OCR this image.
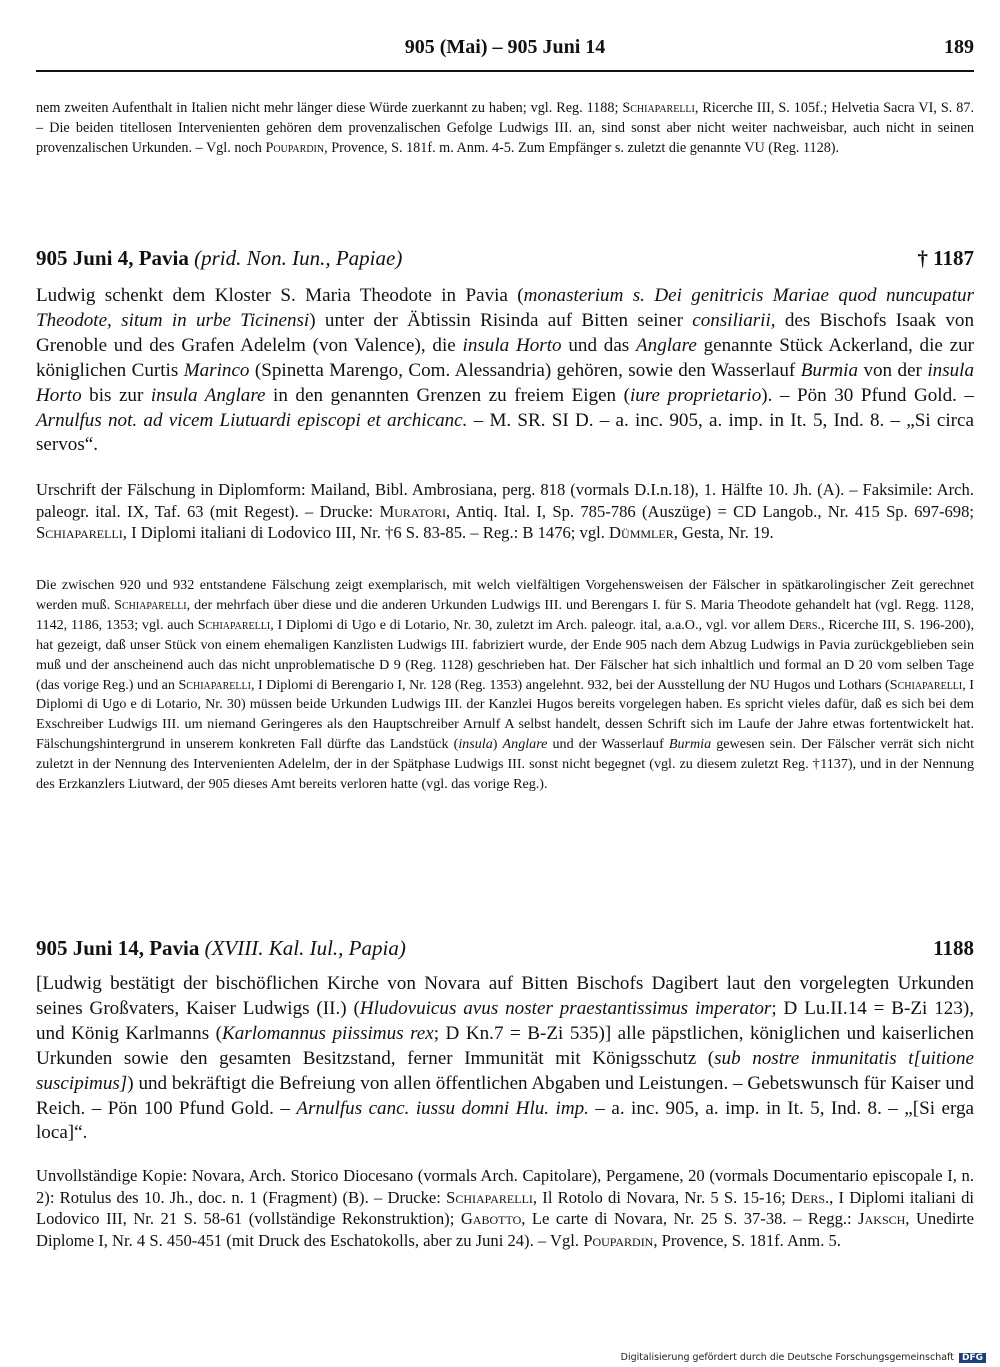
905 (Mai) – 905 Juni 14	189
nem zweiten Aufenthalt in Italien nicht mehr länger diese Würde zuerkannt zu haben; vgl. Reg. 1188; Schiaparelli, Ricerche III, S. 105f.; Helvetia Sacra VI, S. 87. – Die beiden titellosen Intervenienten gehören dem provenzalischen Gefolge Ludwigs III. an, sind sonst aber nicht weiter nachweisbar, auch nicht in seinen provenzalischen Urkunden. – Vgl. noch Poupardin, Provence, S. 181f. m. Anm. 4-5. Zum Empfänger s. zuletzt die genannte VU (Reg. 1128).
905 Juni 4, Pavia (prid. Non. Iun., Papiae)	† 1187
Ludwig schenkt dem Kloster S. Maria Theodote in Pavia (monasterium s. Dei genitricis Mariae quod nuncupatur Theodote, situm in urbe Ticinensi) unter der Äbtissin Risinda auf Bitten seiner consiliarii, des Bischofs Isaak von Grenoble und des Grafen Adelelm (von Valence), die insula Horto und das Anglare genannte Stück Ackerland, die zur königlichen Curtis Marinco (Spinetta Marengo, Com. Alessandria) gehören, sowie den Wasserlauf Burmia von der insula Horto bis zur insula Anglare in den genannten Grenzen zu freiem Eigen (iure proprietario). – Pön 30 Pfund Gold. – Arnulfus not. ad vicem Liutuardi episcopi et archicanc. – M. SR. SI D. – a. inc. 905, a. imp. in It. 5, Ind. 8. – „Si circa servos“.
Urschrift der Fälschung in Diplomform: Mailand, Bibl. Ambrosiana, perg. 818 (vormals D.I.n.18), 1. Hälfte 10. Jh. (A). – Faksimile: Arch. paleogr. ital. IX, Taf. 63 (mit Regest). – Drucke: Muratori, Antiq. Ital. I, Sp. 785-786 (Auszüge) = CD Langob., Nr. 415 Sp. 697-698; Schiaparelli, I Diplomi italiani di Lodovico III, Nr. †6 S. 83-85. – Reg.: B 1476; vgl. Dümmler, Gesta, Nr. 19.
Die zwischen 920 und 932 entstandene Fälschung zeigt exemplarisch, mit welch vielfältigen Vorgehensweisen der Fälscher in spätkarolingischer Zeit gerechnet werden muß. Schiaparelli, der mehrfach über diese und die anderen Urkunden Ludwigs III. und Berengars I. für S. Maria Theodote gehandelt hat (vgl. Regg. 1128, 1142, 1186, 1353; vgl. auch Schiaparelli, I Diplomi di Ugo e di Lotario, Nr. 30, zuletzt im Arch. paleogr. ital, a.a.O., vgl. vor allem Ders., Ricerche III, S. 196-200), hat gezeigt, daß unser Stück von einem ehemaligen Kanzlisten Ludwigs III. fabriziert wurde, der Ende 905 nach dem Abzug Ludwigs in Pavia zurückgeblieben sein muß und der anscheinend auch das nicht unproblematische D 9 (Reg. 1128) geschrieben hat. Der Fälscher hat sich inhaltlich und formal an D 20 vom selben Tage (das vorige Reg.) und an Schiaparelli, I Diplomi di Berengario I, Nr. 128 (Reg. 1353) angelehnt. 932, bei der Ausstellung der NU Hugos und Lothars (Schiaparelli, I Diplomi di Ugo e di Lotario, Nr. 30) müssen beide Urkunden Ludwigs III. der Kanzlei Hugos bereits vorgelegen haben. Es spricht vieles dafür, daß es sich bei dem Exschreiber Ludwigs III. um niemand Geringeres als den Hauptschreiber Arnulf A selbst handelt, dessen Schrift sich im Laufe der Jahre etwas fortentwickelt hat. Fälschungshintergrund in unserem konkreten Fall dürfte das Landstück (insula) Anglare und der Wasserlauf Burmia gewesen sein. Der Fälscher verrät sich nicht zuletzt in der Nennung des Intervenienten Adelelm, der in der Spätphase Ludwigs III. sonst nicht begegnet (vgl. zu diesem zuletzt Reg. †1137), und in der Nennung des Erzkanzlers Liutward, der 905 dieses Amt bereits verloren hatte (vgl. das vorige Reg.).
905 Juni 14, Pavia (XVIII. Kal. Iul., Papia)	1188
[Ludwig bestätigt der bischöflichen Kirche von Novara auf Bitten Bischofs Dagibert laut den vorgelegten Urkunden seines Großvaters, Kaiser Ludwigs (II.) (Hludovuicus avus noster praestantissimus imperator; D Lu.II.14 = B-Zi 123), und König Karlmanns (Karlomannus piissimus rex; D Kn.7 = B-Zi 535)] alle päpstlichen, königlichen und kaiserlichen Urkunden sowie den gesamten Besitzstand, ferner Immunität mit Königsschutz (sub nostre inmunitatis t[uitione suscipimus]) und bekräftigt die Befreiung von allen öffentlichen Abgaben und Leistungen. – Gebetswunsch für Kaiser und Reich. – Pön 100 Pfund Gold. – Arnulfus canc. iussu domni Hlu. imp. – a. inc. 905, a. imp. in It. 5, Ind. 8. – „[Si erga loca]“.
Unvollständige Kopie: Novara, Arch. Storico Diocesano (vormals Arch. Capitolare), Pergamene, 20 (vormals Documentario episcopale I, n. 2): Rotulus des 10. Jh., doc. n. 1 (Fragment) (B). – Drucke: Schiaparelli, Il Rotolo di Novara, Nr. 5 S. 15-16; Ders., I Diplomi italiani di Lodovico III, Nr. 21 S. 58-61 (vollständige Rekonstruktion); Gabotto, Le carte di Novara, Nr. 25 S. 37-38. – Regg.: Jaksch, Unedirte Diplome I, Nr. 4 S. 450-451 (mit Druck des Eschatokolls, aber zu Juni 24). – Vgl. Poupardin, Provence, S. 181f. Anm. 5.
Digitalisierung gefördert durch die Deutsche Forschungsgemeinschaft DFG
